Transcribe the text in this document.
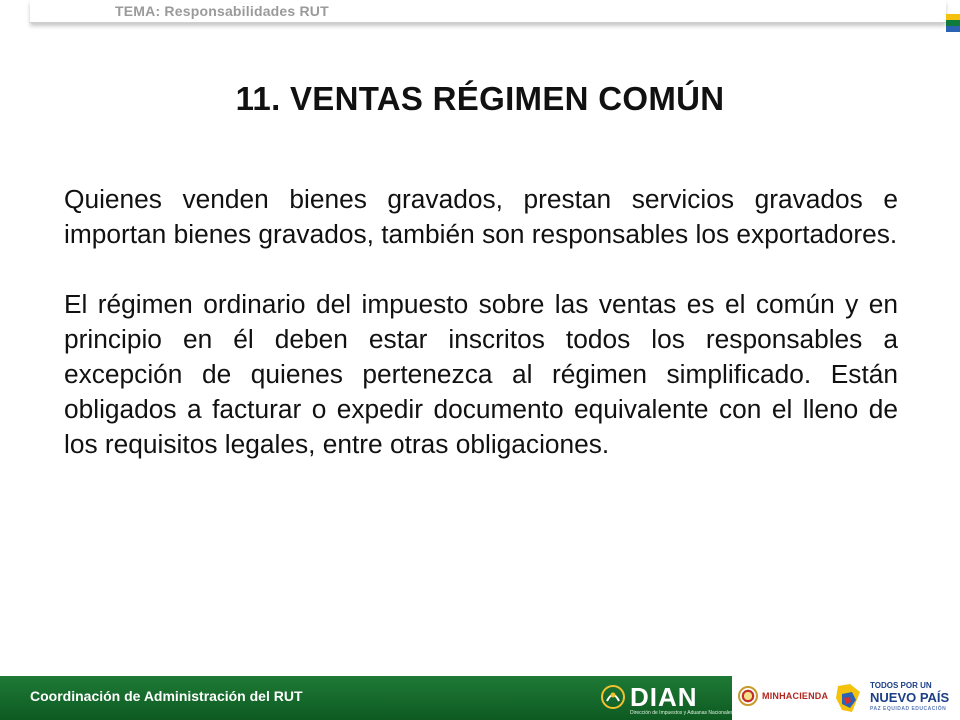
TEMA: Responsabilidades RUT
11. VENTAS RÉGIMEN COMÚN

Quienes venden bienes gravados, prestan servicios gravados e importan bienes gravados, también son responsables los exportadores.

El régimen ordinario del impuesto sobre las ventas es el común y en principio en él deben estar inscritos todos los responsables a excepción de quienes pertenezca al régimen simplificado. Están obligados a facturar o expedir documento equivalente con el lleno de los requisitos legales, entre otras obligaciones.

Coordinación de Administración del RUT	DIAN
Dirección de Impuestos y Aduanas Nacionales
MINHACIENDA
TODOS POR UN
NUEVO PAÍS
PAZ EQUIDAD EDUCACIÓN
